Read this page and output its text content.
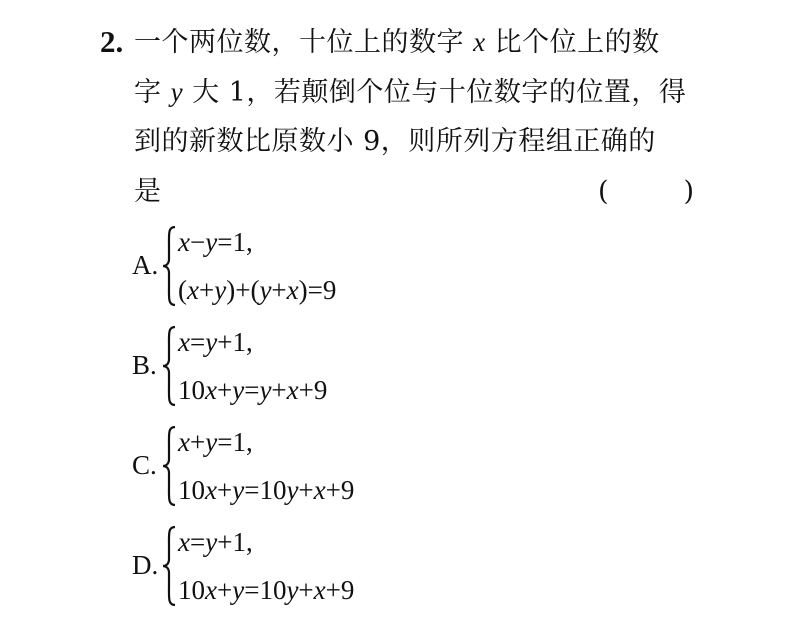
2. 一个两位数，十位上的数字 x 比个位上的数
字 y 大 1，若颠倒个位与十位数字的位置，得
到的新数比原数小 9，则所列方程组正确的
是	(	)
A.
x−y=1,
(x+y)+(y+x)=9
B.
x=y+1,
10x+y=y+x+9
C.
x+y=1,
10x+y=10y+x+9
D.
x=y+1,
10x+y=10y+x+9
